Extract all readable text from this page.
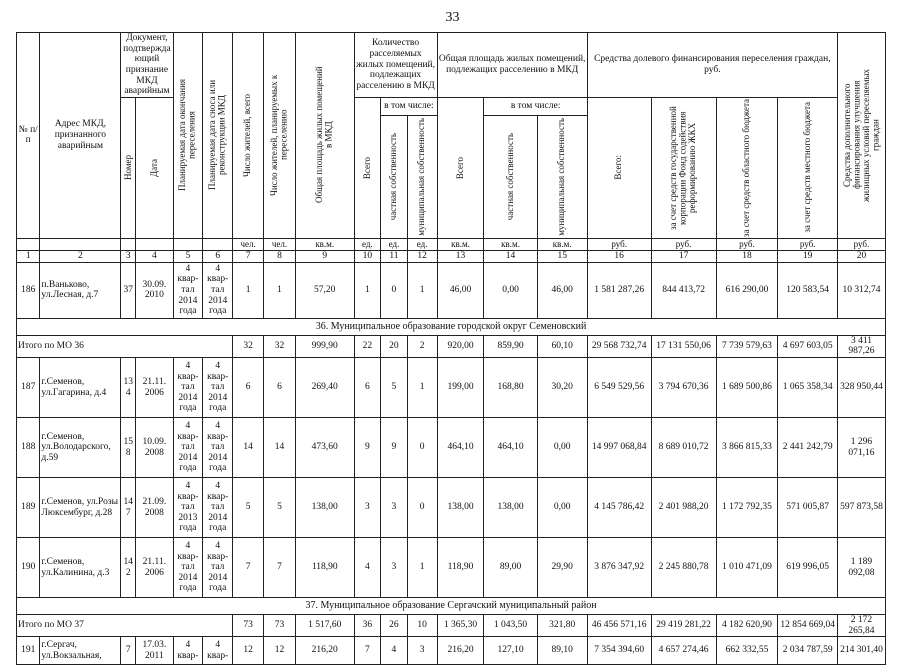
33
№ п/п	Адрес МКД, признанного аварийным	Документ, подтверждающий признание МКД аварийным		Планируемая дата окончания переселения	Планируемая дата сноса или реконструкции МКД	Число жителей, всего	Число жителей, планируемых к переселению	Общая площадь жилых помещений в МКД	Количество расселяемых жилых помещений, подлежащих расселению в МКД			Общая площадь жилых помещений, подлежащих расселению в МКД			Средства долевого финансирования переселения граждан, руб.				Средства дополнительного финансирования улучшения жилищных условий переселяемых граждан

		Номер	Дата						Всего	в том числе:		Всего	в том числе:		Всего:	за счет средств государственной корпорации Фонд содействия реформированию ЖКХ	за счет средств областного бюджета	за счет средств местного бюджета	

										частная собственность	муниципальная собственность		частная собственность	муниципальная собственность					

						чел.	чел.	кв.м.	ед.	ед.	ед.	кв.м.	кв.м.	кв.м.	руб.	руб.	руб.	руб.	руб.
1	2	3	4	5	6	7	8	9	10	11	12	13	14	15	16	17	18	19	20
186	п.Ваньково, ул.Лесная, д.7	37	30.09. 2010	4 квар-тал 2014 года	4 квар-тал 2014 года	1	1	57,20	1	0	1	46,00	0,00	46,00	1 581 287,26	844 413,72	616 290,00	120 583,54	10 312,74
36. Муниципальное образование городской округ Семеновский																			
Итого по МО 36						32	32	999,90	22	20	2	920,00	859,90	60,10	29 568 732,74	17 131 550,06	7 739 579,63	4 697 603,05	3 411 987,26
187	г.Семенов, ул.Гагарина, д.4	13 4	21.11. 2006	4 квар-тал 2014 года	4 квар-тал 2014 года	6	6	269,40	6	5	1	199,00	168,80	30,20	6 549 529,56	3 794 670,36	1 689 500,86	1 065 358,34	328 950,44
188	г.Семенов, ул.Володарского, д.59	15 8	10.09. 2008	4 квар-тал 2014 года	4 квар-тал 2014 года	14	14	473,60	9	9	0	464,10	464,10	0,00	14 997 068,84	8 689 010,72	3 866 815,33	2 441 242,79	1 296 071,16
189	г.Семенов, ул.Розы Люксембург, д.28	14 7	21.09. 2008	4 квар-тал 2013 года	4 квар-тал 2014 года	5	5	138,00	3	3	0	138,00	138,00	0,00	4 145 786,42	2 401 988,20	1 172 792,35	571 005,87	597 873,58
190	г.Семенов, ул.Калинина, д.3	14 2	21.11. 2006	4 квар-тал 2014 года	4 квар-тал 2014 года	7	7	118,90	4	3	1	118,90	89,00	29,90	3 876 347,92	2 245 880,78	1 010 471,09	619 996,05	1 189 092,08
37. Муниципальное образование Сергачский муниципальный район																			
Итого по МО 37						73	73	1 517,60	36	26	10	1 365,30	1 043,50	321,80	46 456 571,16	29 419 281,22	4 182 620,90	12 854 669,04	2 172 265,84
191	г.Сергач, ул.Вокзальная,	7	17.03. 2011	4 квар-	4 квар-	12	12	216,20	7	4	3	216,20	127,10	89,10	7 354 394,60	4 657 274,46	662 332,55	2 034 787,59	214 301,40
